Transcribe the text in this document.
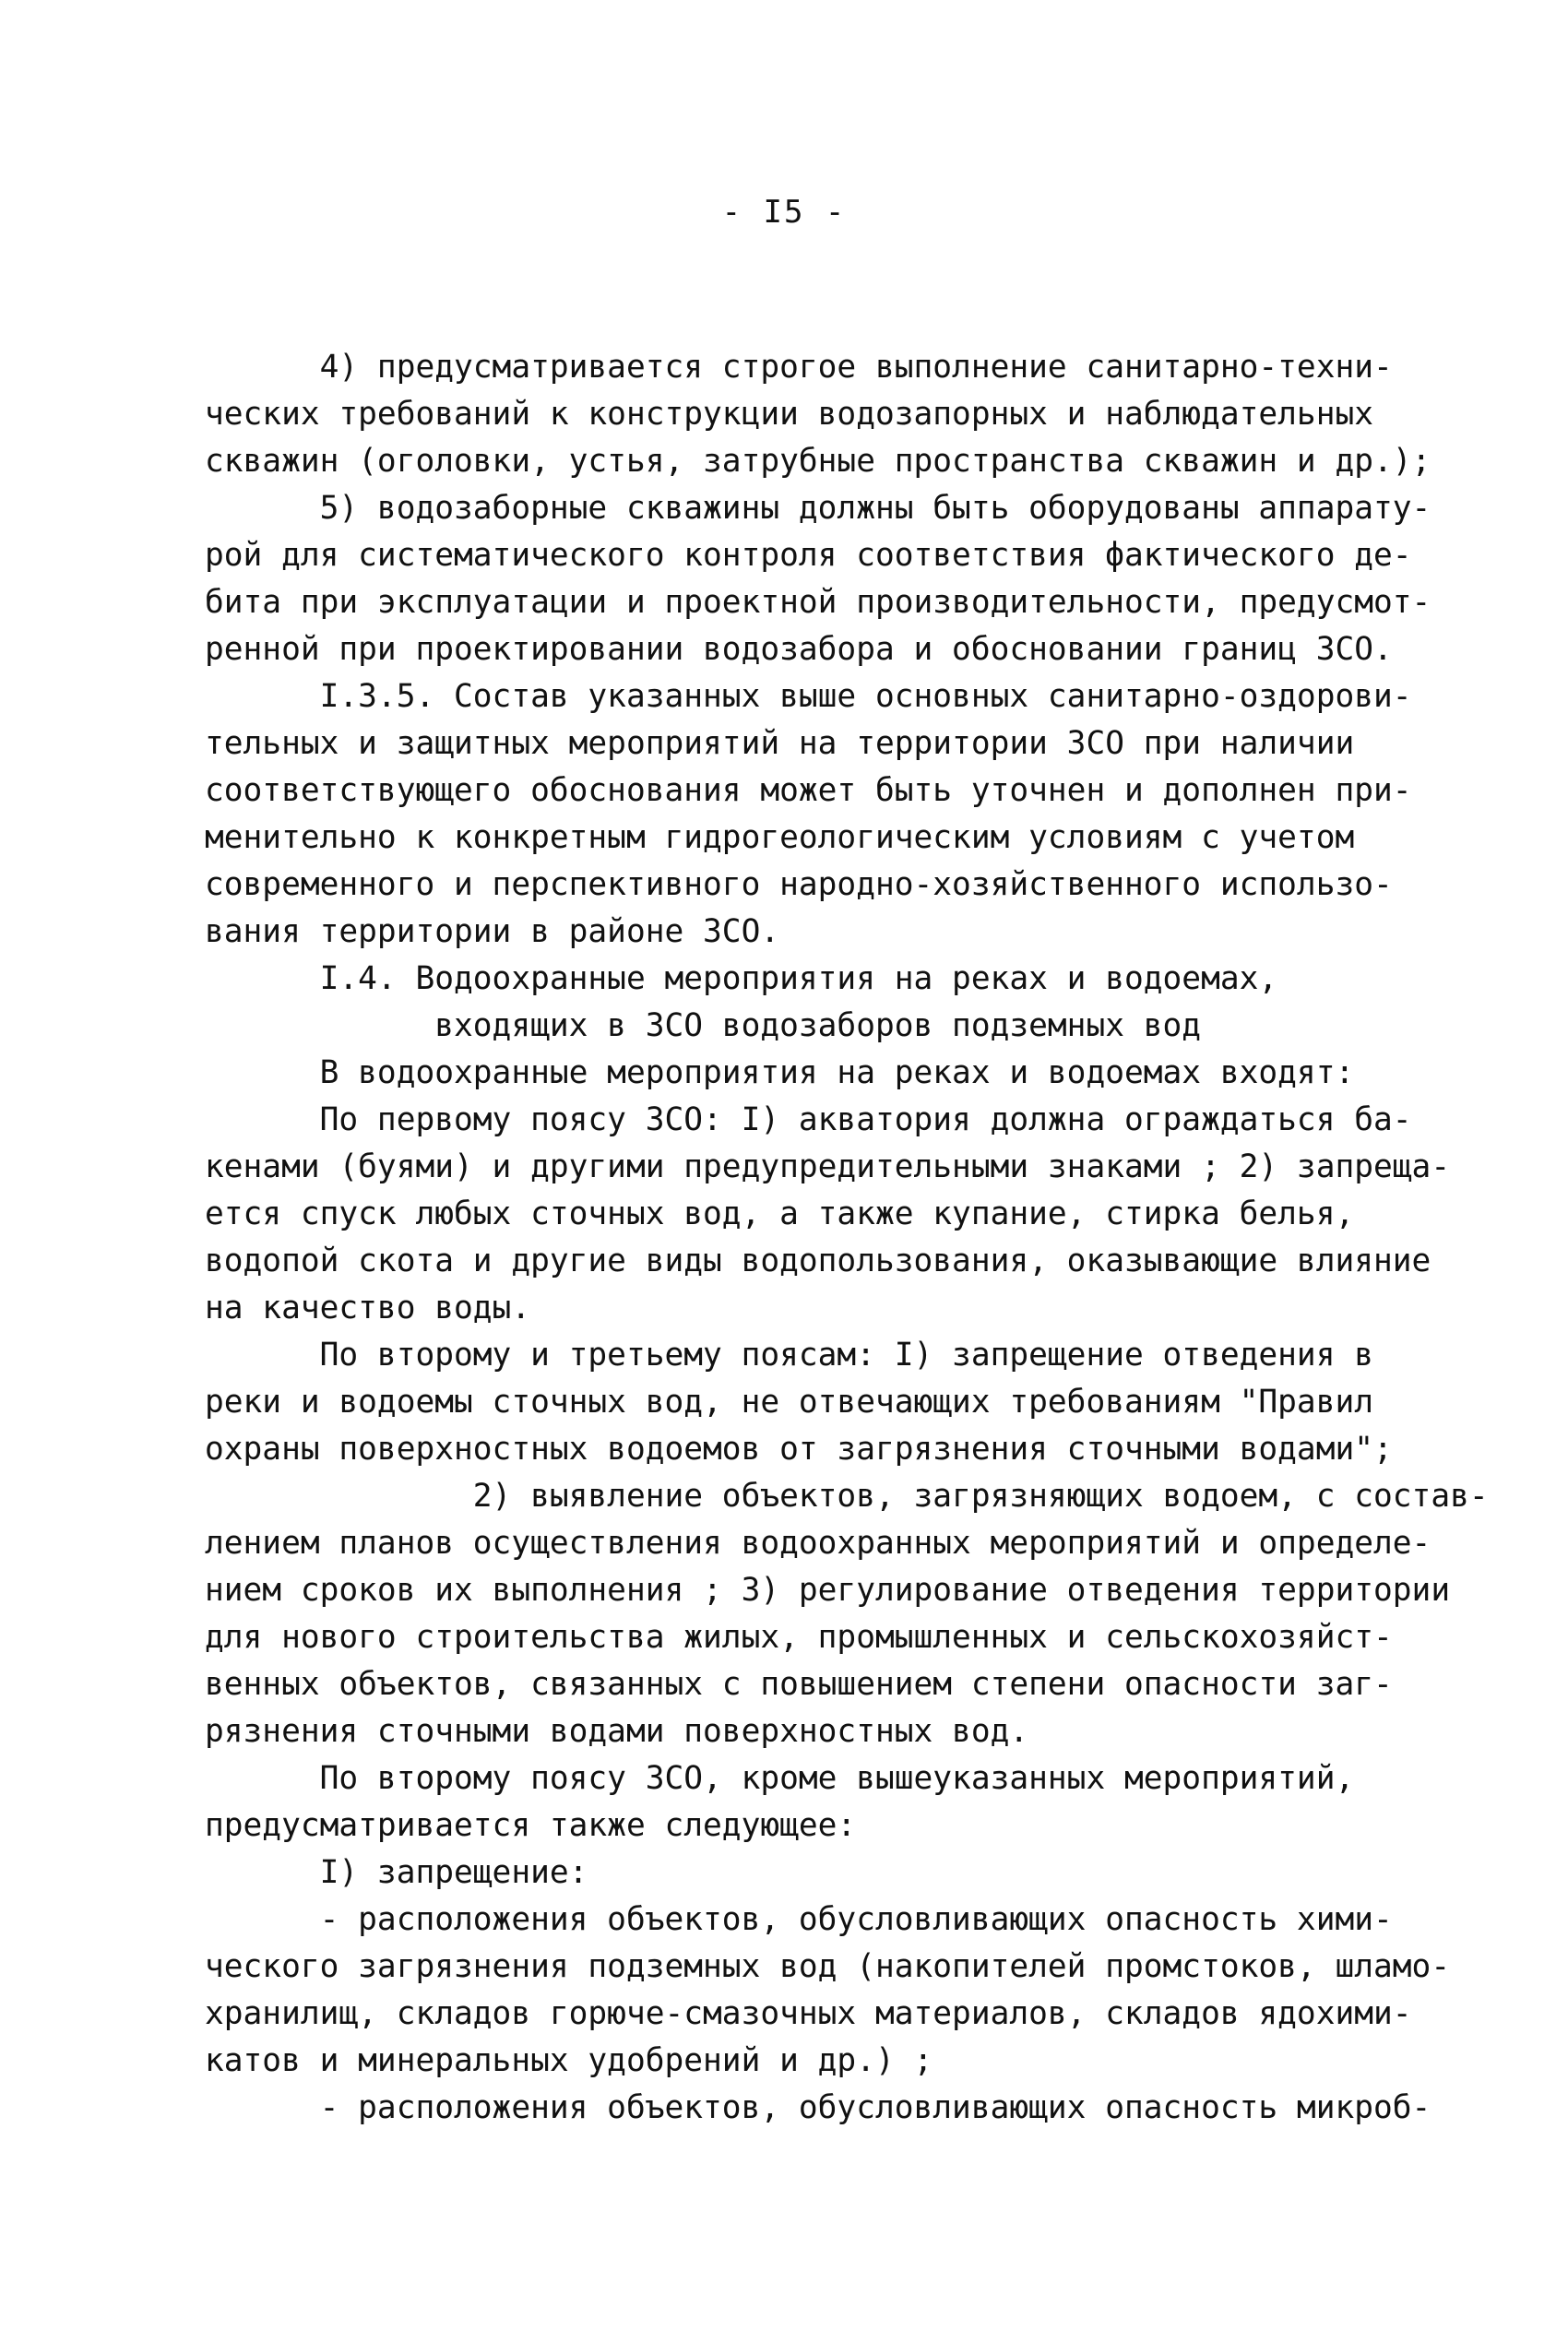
- I5 -
4) предусматривается строгое выполнение санитарно-техни-
ческих требований к конструкции водозапорных и наблюдательных
скважин (оголовки, устья, затрубные пространства скважин и др.);
5) водозаборные скважины должны быть оборудованы аппарату-
рой для систематического контроля соответствия фактического де-
бита при эксплуатации и проектной производительности, предусмот-
ренной при проектировании водозабора и обосновании границ ЗСО.
I.3.5. Состав указанных выше основных санитарно-оздорови-
тельных и защитных мероприятий на территории ЗСО при наличии
соответствующего обоснования может быть уточнен и дополнен при-
менительно к конкретным гидрогеологическим условиям с учетом
современного и перспективного народно-хозяйственного использо-
вания территории в районе ЗСО.
I.4. Водоохранные мероприятия на реках и водоемах,
входящих в ЗСО водозаборов подземных вод
В водоохранные мероприятия на реках и водоемах входят:
По первому поясу ЗСО: I) акватория должна ограждаться ба-
кенами (буями) и другими предупредительными знаками ; 2) запреща-
ется спуск любых сточных вод, а также купание, стирка белья,
водопой скота и другие виды водопользования, оказывающие влияние
на качество воды.
По второму и третьему поясам: I) запрещение отведения в
реки и водоемы сточных вод, не отвечающих требованиям "Правил
охраны поверхностных водоемов от загрязнения сточными водами";
2) выявление объектов, загрязняющих водоем, с состав-
лением планов осуществления водоохранных мероприятий и определе-
нием сроков их выполнения ; 3) регулирование отведения территории
для нового строительства жилых, промышленных и сельскохозяйст-
венных объектов, связанных с повышением степени опасности заг-
рязнения сточными водами поверхностных вод.
По второму поясу ЗСО, кроме вышеуказанных мероприятий,
предусматривается также следующее:
I) запрещение:
- расположения объектов, обусловливающих опасность хими-
ческого загрязнения подземных вод (накопителей промстоков, шламо-
хранилищ, складов горюче-смазочных материалов, складов ядохими-
катов и минеральных удобрений и др.) ;
- расположения объектов, обусловливающих опасность микроб-
